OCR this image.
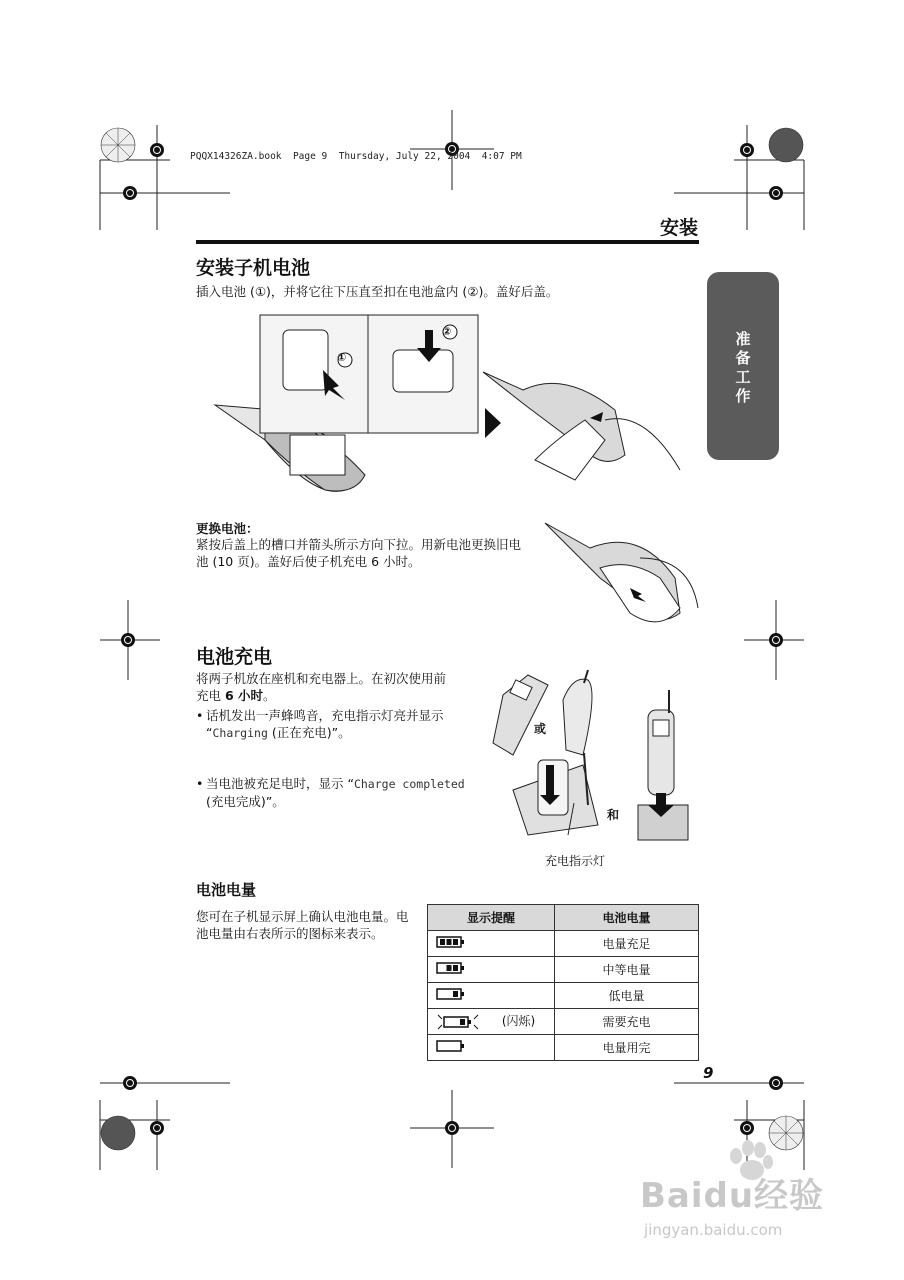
PQQX14326ZA.book  Page 9  Thursday, July 22, 2004  4:07 PM
安装
准备工作
安装子机电池
插入电池 (①)，并将它往下压直至扣在电池盒内 (②)。盖好后盖。
①
②
更换电池：
紧按后盖上的槽口并箭头所示方向下拉。用新电池更换旧电池 (10 页)。盖好后使子机充电 6 小时。
电池充电
将两子机放在座机和充电器上。在初次使用前充电 6 小时。
• 话机发出一声蜂鸣音，充电指示灯亮并显示 “Charging (正在充电)”。
• 当电池被充足电时，显示 “Charge completed (充电完成)”。
或
和
充电指示灯
电池电量
您可在子机显示屏上确认电池电量。电池电量由右表所示的图标来表示。
显示提醒	电池电量
	电量充足
	中等电量
	低电量
(闪烁)	需要充电
	电量用完
9
Baidu经验
jingyan.baidu.com
